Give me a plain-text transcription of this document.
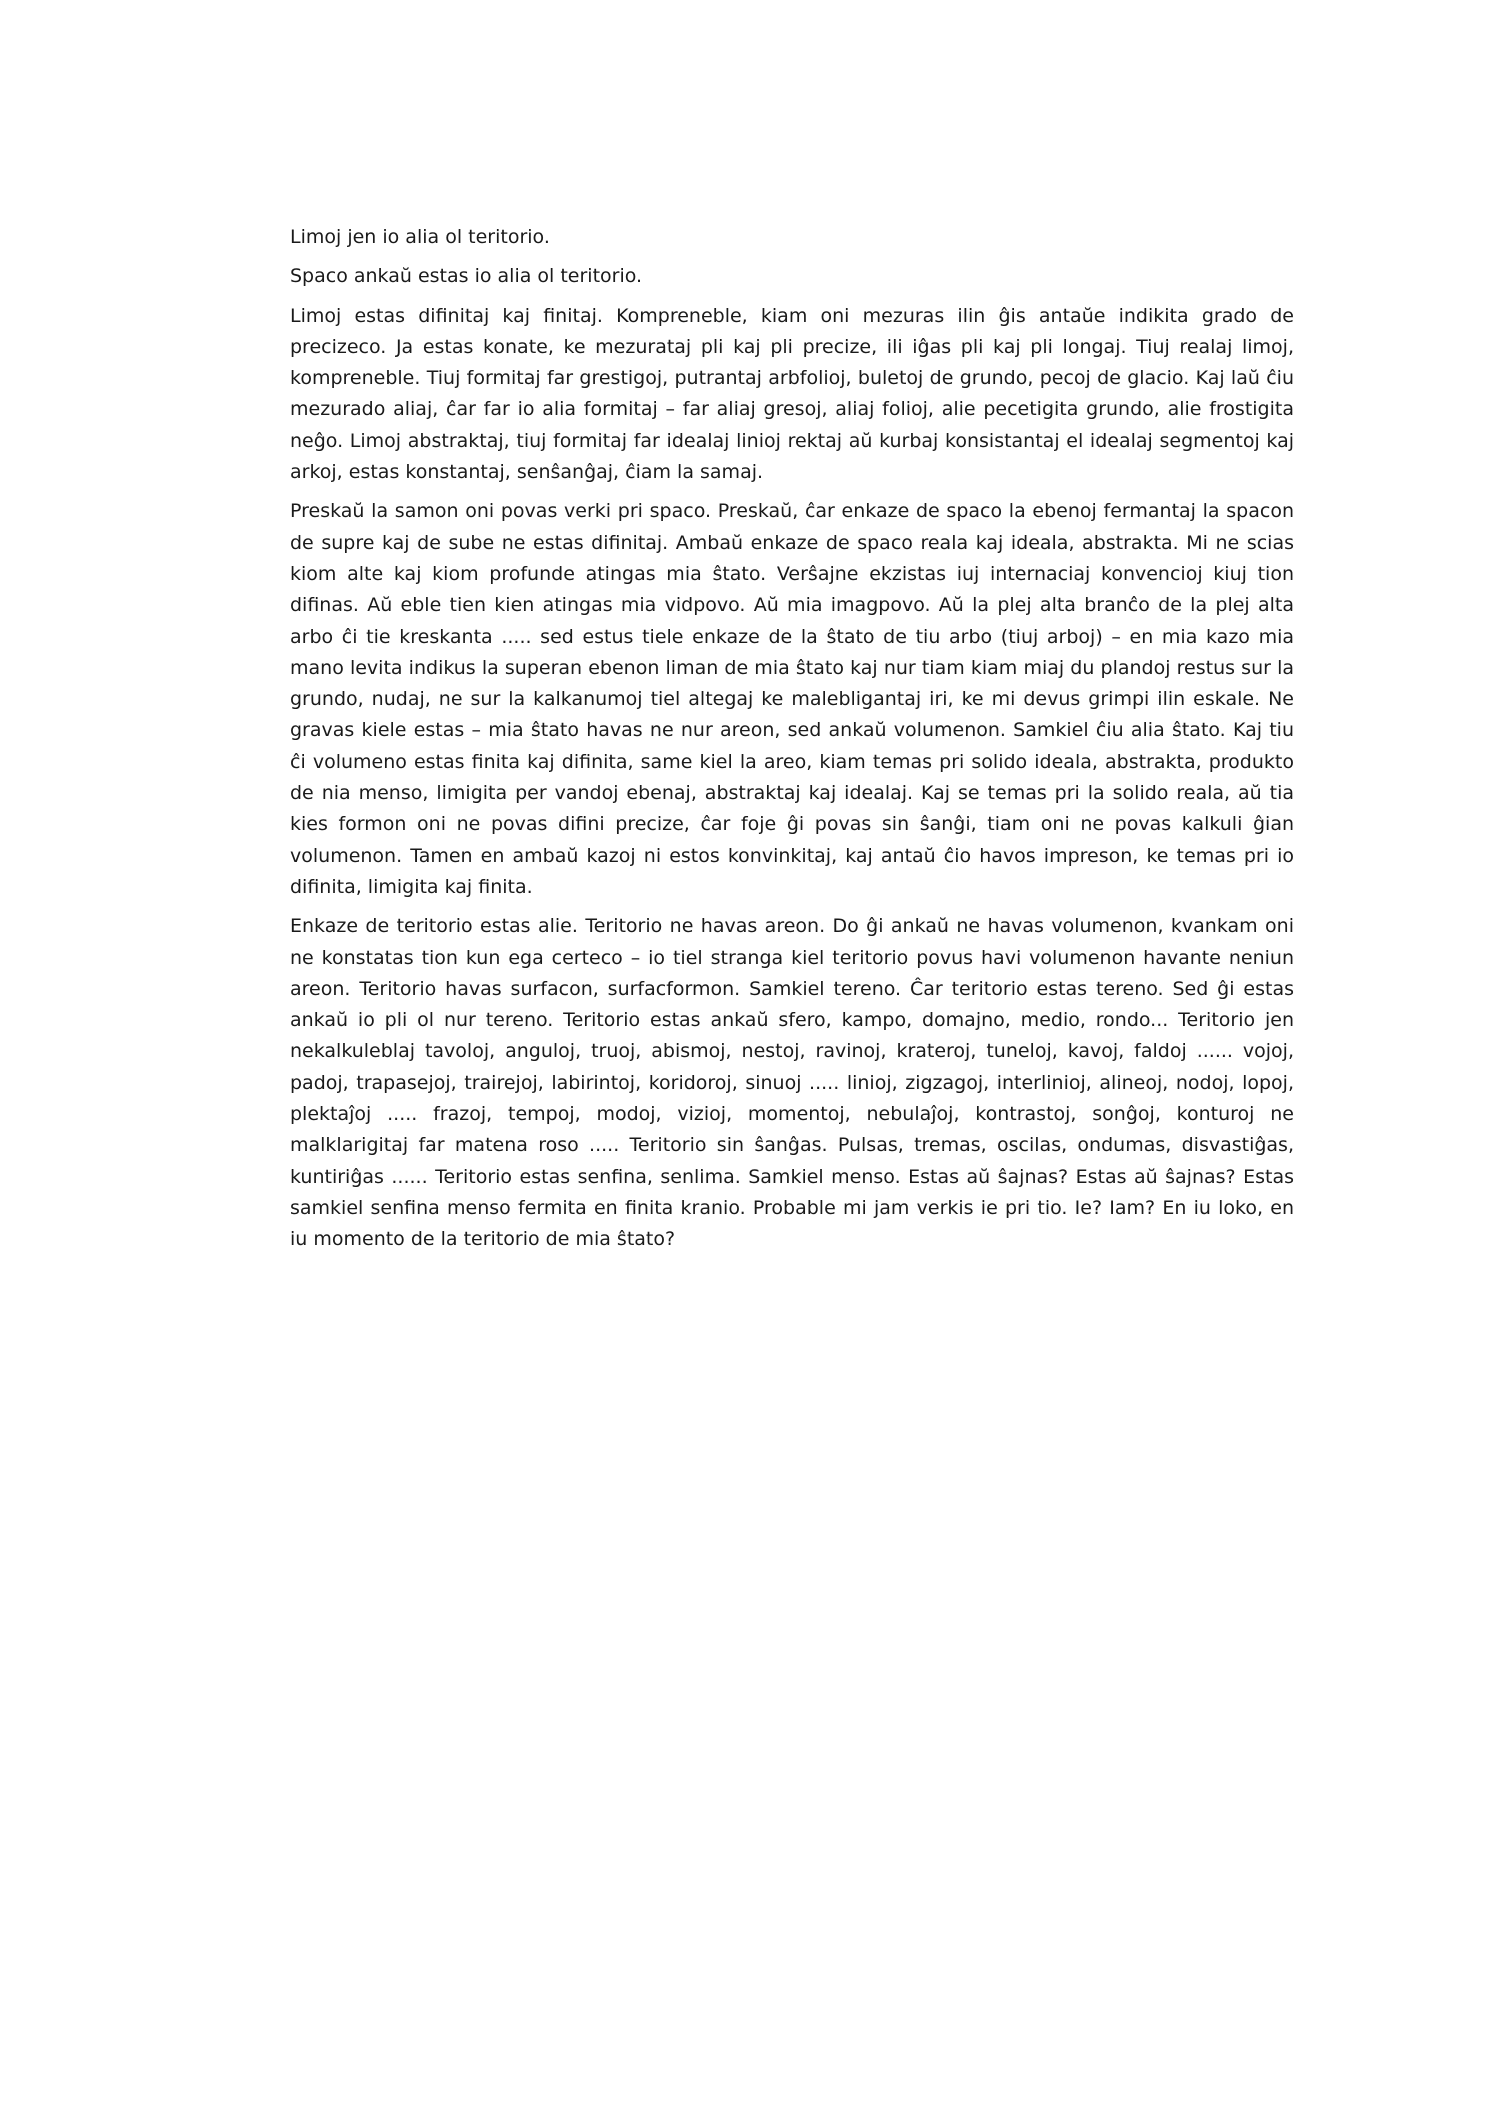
Limoj jen io alia ol teritorio.

Spaco ankaŭ estas io alia ol teritorio.

Limoj estas difinitaj kaj finitaj. Kompreneble, kiam oni mezuras ilin ĝis antaŭe indikita grado de precizeco. Ja estas konate, ke mezurataj pli kaj pli precize, ili iĝas pli kaj pli longaj. Tiuj realaj limoj, kompreneble. Tiuj formitaj far grestigoj, putrantaj arbfolioj, buletoj de grundo, pecoj de glacio. Kaj laŭ ĉiu mezurado aliaj, ĉar far io alia formitaj – far aliaj gresoj, aliaj folioj, alie pecetigita grundo, alie frostigita neĝo. Limoj abstraktaj, tiuj formitaj far idealaj linioj rektaj aŭ kurbaj konsistantaj el idealaj segmentoj kaj arkoj, estas konstantaj, senŝanĝaj, ĉiam la samaj.

Preskaŭ la samon oni povas verki pri spaco. Preskaŭ, ĉar enkaze de spaco la ebenoj fermantaj la spacon de supre kaj de sube ne estas difinitaj. Ambaŭ enkaze de spaco reala kaj ideala, abstrakta. Mi ne scias kiom alte kaj kiom profunde atingas mia ŝtato. Verŝajne ekzistas iuj internaciaj konvencioj kiuj tion difinas. Aŭ eble tien kien atingas mia vidpovo. Aŭ mia imagpovo. Aŭ la plej alta branĉo de la plej alta arbo ĉi tie kreskanta ..... sed estus tiele enkaze de la ŝtato de tiu arbo (tiuj arboj) – en mia kazo mia mano levita indikus la superan ebenon liman de mia ŝtato kaj nur tiam kiam miaj du plandoj restus sur la grundo, nudaj, ne sur la kalkanumoj tiel altegaj ke malebligantaj iri, ke mi devus grimpi ilin eskale. Ne gravas kiele estas – mia ŝtato havas ne nur areon, sed ankaŭ volumenon. Samkiel ĉiu alia ŝtato. Kaj tiu ĉi volumeno estas finita kaj difinita, same kiel la areo, kiam temas pri solido ideala, abstrakta, produkto de nia menso, limigita per vandoj ebenaj, abstraktaj kaj idealaj. Kaj se temas pri la solido reala, aŭ tia kies formon oni ne povas difini precize, ĉar foje ĝi povas sin ŝanĝi, tiam oni ne povas kalkuli ĝian volumenon. Tamen en ambaŭ kazoj ni estos konvinkitaj, kaj antaŭ ĉio havos impreson, ke temas pri io difinita, limigita kaj finita.

Enkaze de teritorio estas alie. Teritorio ne havas areon. Do ĝi ankaŭ ne havas volumenon, kvankam oni ne konstatas tion kun ega certeco – io tiel stranga kiel teritorio povus havi volumenon havante neniun areon. Teritorio havas surfacon, surfacformon. Samkiel tereno. Ĉar teritorio estas tereno. Sed ĝi estas ankaŭ io pli ol nur tereno. Teritorio estas ankaŭ sfero, kampo, domajno, medio, rondo... Teritorio jen nekalkuleblaj tavoloj, anguloj, truoj, abismoj, nestoj, ravinoj, krateroj, tuneloj, kavoj, faldoj ...... vojoj, padoj, trapasejoj, trairejoj, labirintoj, koridoroj, sinuoj ..... linioj, zigzagoj, interlinioj, alineoj, nodoj, lopoj, plektaĵoj ..... frazoj, tempoj, modoj, vizioj, momentoj, nebulaĵoj, kontrastoj, sonĝoj, konturoj ne malklarigitaj far matena roso ..... Teritorio sin ŝanĝas. Pulsas, tremas, oscilas, ondumas, disvastiĝas, kuntiriĝas ...... Teritorio estas senfina, senlima. Samkiel menso. Estas aŭ ŝajnas? Estas aŭ ŝajnas? Estas samkiel senfina menso fermita en finita kranio. Probable mi jam verkis ie pri tio. Ie? Iam? En iu loko, en iu momento de la teritorio de mia ŝtato?
